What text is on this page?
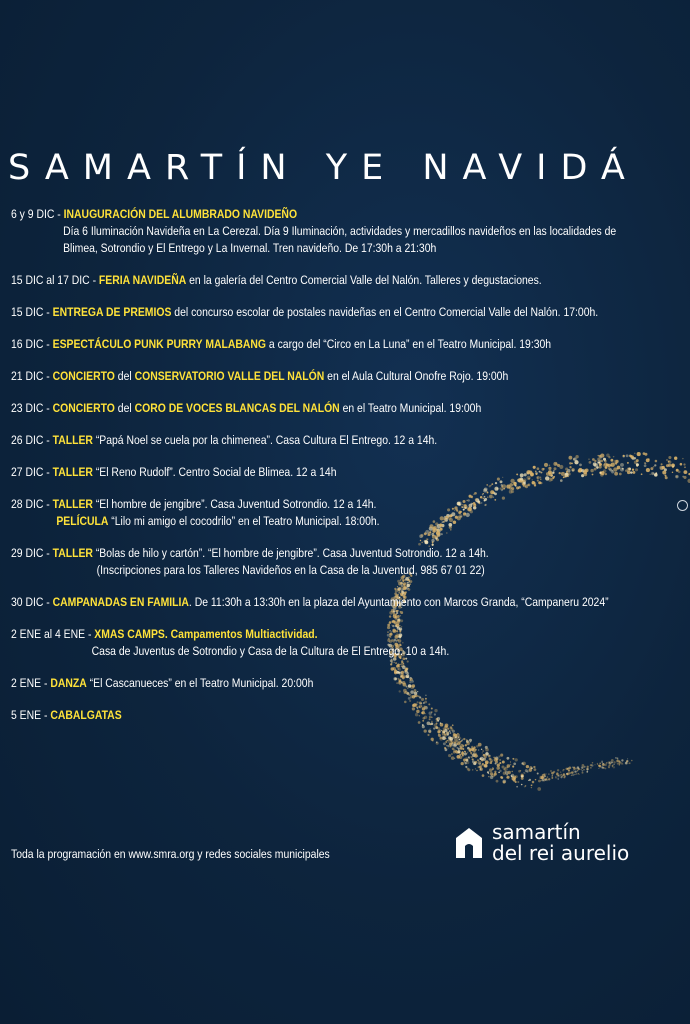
SAMARTÍN YE NAVIDÁ
6 y 9 DIC - INAUGURACIÓN DEL ALUMBRADO NAVIDEÑO
Día 6 Iluminación Navideña en La Cerezal. Día 9 Iluminación, actividades y mercadillos navideños en las localidades de
Blimea, Sotrondio y El Entrego y La Invernal. Tren navideño. De 17:30h a 21:30h
15 DIC al 17 DIC - FERIA NAVIDEÑA en la galería del Centro Comercial Valle del Nalón. Talleres y degustaciones.
15 DIC - ENTREGA DE PREMIOS del concurso escolar de postales navideñas en el Centro Comercial Valle del Nalón. 17:00h.
16 DIC - ESPECTÁCULO PUNK PURRY MALABANG a cargo del “Circo en La Luna” en el Teatro Municipal. 19:30h
21 DIC - CONCIERTO del CONSERVATORIO VALLE DEL NALÓN en el Aula Cultural Onofre Rojo. 19:00h
23 DIC - CONCIERTO del CORO DE VOCES BLANCAS DEL NALÓN en el Teatro Municipal. 19:00h
26 DIC - TALLER “Papá Noel se cuela por la chimenea”. Casa Cultura El Entrego. 12 a 14h.
27 DIC - TALLER “El Reno Rudolf”. Centro Social de Blimea. 12 a 14h
28 DIC - TALLER “El hombre de jengibre”. Casa Juventud Sotrondio. 12 a 14h.
PELÍCULA “Lilo mi amigo el cocodrilo” en el Teatro Municipal. 18:00h.
29 DIC - TALLER “Bolas de hilo y cartón”. “El hombre de jengibre”. Casa Juventud Sotrondio. 12 a 14h.
(Inscripciones para los Talleres Navideños en la Casa de la Juventud, 985 67 01 22)
30 DIC - CAMPANADAS EN FAMILIA. De 11:30h a 13:30h en la plaza del Ayuntamiento con Marcos Granda, “Campaneru 2024”
2 ENE al 4 ENE - XMAS CAMPS. Campamentos Multiactividad.
Casa de Juventus de Sotrondio y Casa de la Cultura de El Entrego. 10 a 14h.
2 ENE - DANZA “El Cascanueces” en el Teatro Municipal. 20:00h
5 ENE - CABALGATAS
Toda la programación en www.smra.org y redes sociales municipales
samartín
del rei aurelio
